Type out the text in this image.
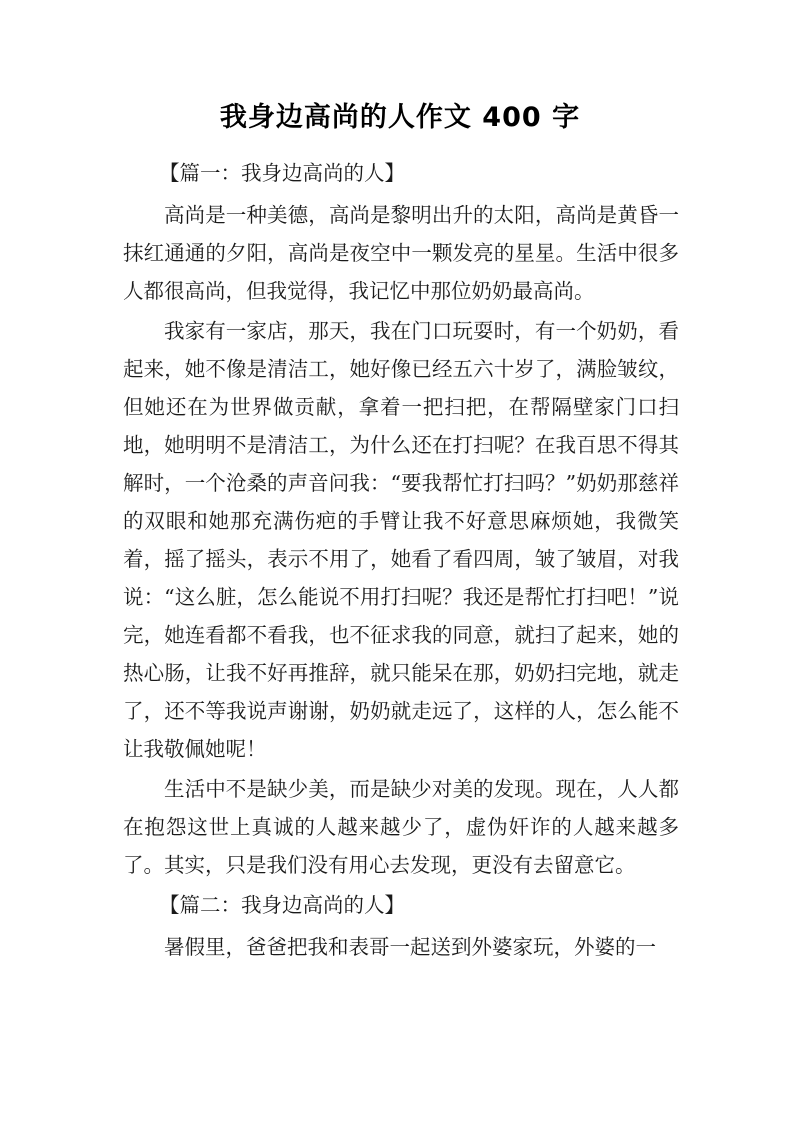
我身边高尚的人作文 400 字

【篇一：我身边高尚的人】

高尚是一种美德，高尚是黎明出升的太阳，高尚是黄昏一抹红通通的夕阳，高尚是夜空中一颗发亮的星星。生活中很多人都很高尚，但我觉得，我记忆中那位奶奶最高尚。

我家有一家店，那天，我在门口玩耍时，有一个奶奶，看起来，她不像是清洁工，她好像已经五六十岁了，满脸皱纹，但她还在为世界做贡献，拿着一把扫把，在帮隔壁家门口扫地，她明明不是清洁工，为什么还在打扫呢？在我百思不得其解时，一个沧桑的声音问我：“要我帮忙打扫吗？”奶奶那慈祥的双眼和她那充满伤疤的手臂让我不好意思麻烦她，我微笑着，摇了摇头，表示不用了，她看了看四周，皱了皱眉，对我说：“这么脏，怎么能说不用打扫呢？我还是帮忙打扫吧！”说完，她连看都不看我，也不征求我的同意，就扫了起来，她的热心肠，让我不好再推辞，就只能呆在那，奶奶扫完地，就走了，还不等我说声谢谢，奶奶就走远了，这样的人，怎么能不让我敬佩她呢！

生活中不是缺少美，而是缺少对美的发现。现在，人人都在抱怨这世上真诚的人越来越少了，虚伪奸诈的人越来越多了。其实，只是我们没有用心去发现，更没有去留意它。

【篇二：我身边高尚的人】

暑假里，爸爸把我和表哥一起送到外婆家玩，外婆的一
